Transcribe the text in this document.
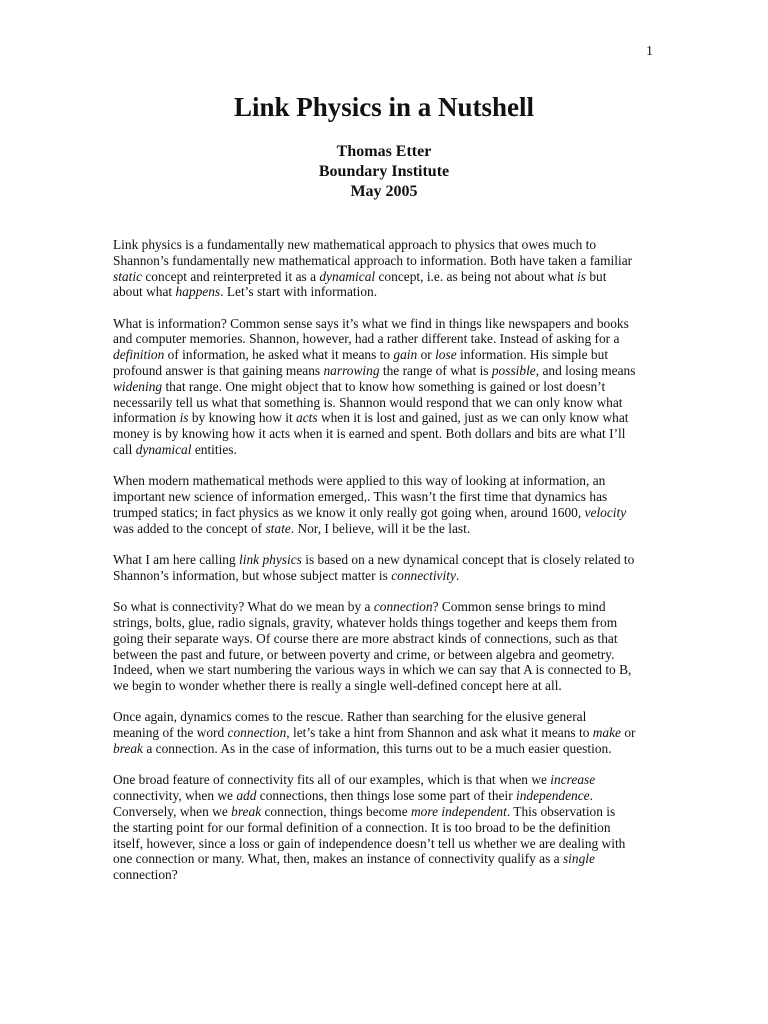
1
Link Physics in a Nutshell
Thomas Etter
Boundary Institute
May 2005

Link physics is a fundamentally new mathematical approach to physics that owes much to
Shannon’s fundamentally new mathematical approach to information. Both have taken a familiar
static concept and reinterpreted it as a dynamical concept, i.e. as being not about what is but
about what happens. Let’s start with information.

What is information? Common sense says it’s what we find in things like newspapers and books
and computer memories. Shannon, however, had a rather different take. Instead of asking for a
definition of information, he asked what it means to gain or lose information. His simple but
profound answer is that gaining means narrowing the range of what is possible, and losing means
widening that range. One might object that to know how something is gained or lost doesn’t
necessarily tell us what that something is. Shannon would respond that we can only know what
information is by knowing how it acts when it is lost and gained, just as we can only know what
money is by knowing how it acts when it is earned and spent. Both dollars and bits are what I’ll
call dynamical entities.

When modern mathematical methods were applied to this way of looking at information, an
important new science of information emerged,. This wasn’t the first time that dynamics has
trumped statics; in fact physics as we know it only really got going when, around 1600, velocity
was added to the concept of state. Nor, I believe, will it be the last.

What I am here calling link physics is based on a new dynamical concept that is closely related to
Shannon’s information, but whose subject matter is connectivity.

So what is connectivity? What do we mean by a connection? Common sense brings to mind
strings, bolts, glue, radio signals, gravity, whatever holds things together and keeps them from
going their separate ways. Of course there are more abstract kinds of connections, such as that
between the past and future, or between poverty and crime, or between algebra and geometry.
Indeed, when we start numbering the various ways in which we can say that A is connected to B,
we begin to wonder whether there is really a single well-defined concept here at all.

Once again, dynamics comes to the rescue. Rather than searching for the elusive general
meaning of the word connection, let’s take a hint from Shannon and ask what it means to make or
break a connection. As in the case of information, this turns out to be a much easier question.

One broad feature of connectivity fits all of our examples, which is that when we increase
connectivity, when we add connections, then things lose some part of their independence.
Conversely, when we break connection, things become more independent. This observation is
the starting point for our formal definition of a connection. It is too broad to be the definition
itself, however, since a loss or gain of independence doesn’t tell us whether we are dealing with
one connection or many. What, then, makes an instance of connectivity qualify as a single
connection?
